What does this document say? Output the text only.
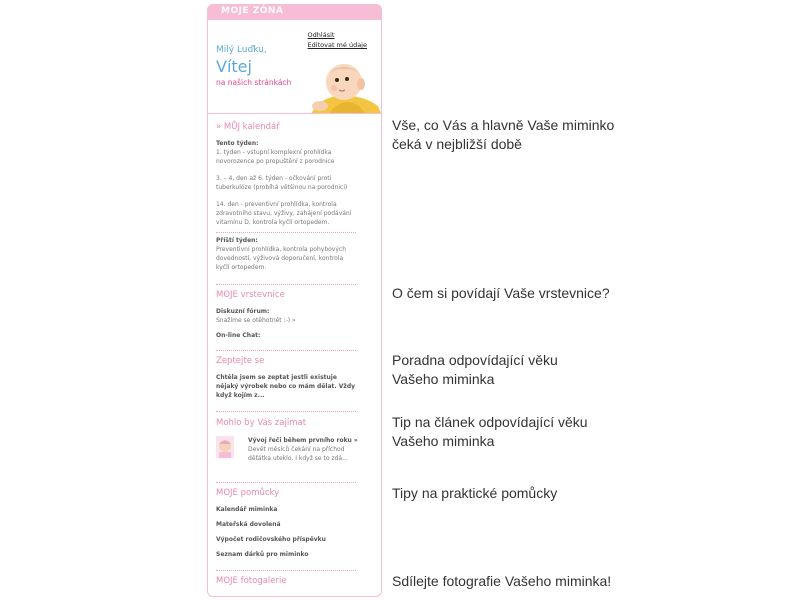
MOJE ZÓNA
Odhlásit
Editovat mé údaje
Milý Luďku,
Vítej
na našich stránkách
» MŮJ kalendář
Tento týden:
1. týden - vstupní komplexní prohlídka novorozence po propuštění z porodnice
3. – 4. den až 6. týden - očkování proti tuberkulóze (probíhá většinou na porodnici)
14. den - preventivní prohlídka, kontrola zdravotního stavu, výživy, zahájení podávání vitamínu D, kontrola kyčlí ortopedem.
Příští týden:
Preventivní prohlídka, kontrola pohybových dovedností, výživová doporučení, kontrola kyčlí ortopedem.
MOJE vrstevnice
Diskuzní fórum:
Snažíme se otěhotnět :-) »
On-line Chat:
Zeptejte se
Chtěla jsem se zeptat jestli existuje nějaký výrobek nebo co mám dělat. Vždy když kojím z...
Mohlo by Vás zajímat
Vývoj řeči během prvního roku »
Devět měsíců čekání na příchod děťátka uteklo. I když se to zdá...
MOJE pomůcky
Kalendář miminka
Mateřská dovolená
Výpočet rodičovského příspěvku
Seznam dárků pro miminko
MOJE fotogalerie
Vše, co Vás a hlavně Vaše miminko
čeká v nejbližší době
O čem si povídají Vaše vrstevnice?
Poradna odpovídající věku
Vašeho miminka
Tip na článek odpovídající věku
Vašeho miminka
Tipy na praktické pomůcky
Sdílejte fotografie Vašeho miminka!
